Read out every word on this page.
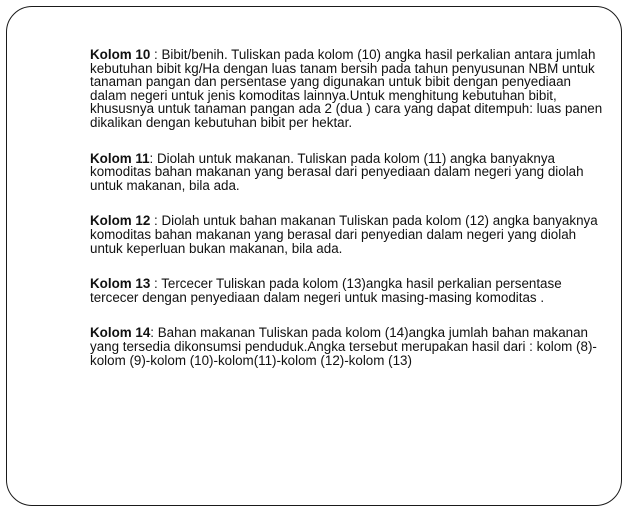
Kolom 10 : Bibit/benih. Tuliskan pada kolom (10) angka hasil perkalian antara jumlah kebutuhan bibit kg/Ha dengan luas tanam bersih pada tahun penyusunan NBM untuk tanaman pangan dan persentase yang digunakan untuk bibit dengan penyediaan dalam negeri untuk jenis komoditas lainnya.Untuk menghitung kebutuhan bibit, khususnya untuk tanaman pangan ada 2 (dua ) cara yang dapat ditempuh: luas panen dikalikan dengan kebutuhan bibit per hektar.

Kolom 11: Diolah untuk makanan. Tuliskan pada kolom (11) angka banyaknya komoditas bahan makanan yang berasal dari penyediaan dalam negeri yang diolah untuk makanan, bila ada.

Kolom 12 : Diolah untuk bahan makanan Tuliskan pada kolom (12) angka banyaknya komoditas bahan makanan yang berasal dari penyedian dalam negeri yang diolah untuk keperluan bukan makanan, bila ada.

Kolom 13 : Tercecer Tuliskan pada kolom (13)angka hasil perkalian persentase tercecer dengan penyediaan dalam negeri untuk masing-masing komoditas .

Kolom 14: Bahan makanan Tuliskan pada kolom (14)angka jumlah bahan makanan yang tersedia dikonsumsi penduduk.Angka tersebut merupakan hasil dari : kolom (8)-kolom (9)-kolom (10)-kolom(11)-kolom (12)-kolom (13)
